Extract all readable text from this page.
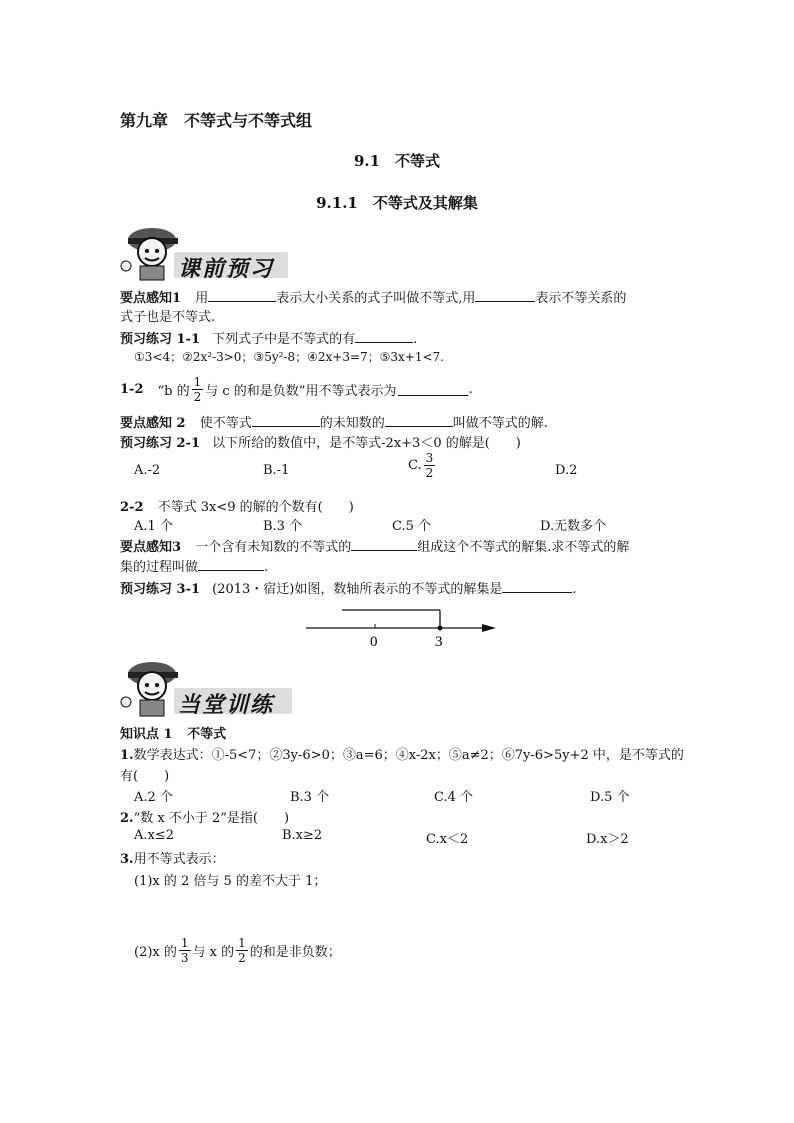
第九章　不等式与不等式组
9.1　不等式
9.1.1　不等式及其解集
课前预习
要点感知1 用	表示大小关系的式子叫做不等式,用	表示不等关系的
式子也是不等式.
预习练习 1-1 下列式子中是不等式的有	.
①3<4；②2x²-3>0；③5y²-8；④2x+3=7；⑤3x+1<7.
1-2 “b 的 $\frac{1}{2}$ 与 c 的和是负数”用不等式表示为	.
要点感知 2 使不等式	的未知数的	叫做不等式的解.
预习练习 2-1 以下所给的数值中，是不等式-2x+3＜0 的解是(　　)
A.-2	B.-1	C. $\frac{3}{2}$	D.2
2-2 不等式 3x<9 的解的个数有(　　)
A.1 个	B.3 个	C.5 个	D.无数多个
要点感知3 一个含有未知数的不等式的	组成这个不等式的解集.求不等式的解
集的过程叫做	.
预习练习 3-1 (2013・宿迁)如图，数轴所表示的不等式的解集是	.
0	3
当堂训练
知识点 1 不等式
1.数学表达式：①-5<7；②3y-6>0；③a=6；④x-2x；⑤a≠2；⑥7y-6>5y+2 中，是不等式的
有(　　)
A.2 个	B.3 个	C.4 个	D.5 个
2.“数 x 不小于 2”是指(　　)
A.x≤2	B.x≥2	C.x＜2	D.x＞2
3.用不等式表示：
(1)x 的 2 倍与 5 的差不大于 1；
(2)x 的 $\frac{1}{3}$ 与 x 的 $\frac{1}{2}$ 的和是非负数；
